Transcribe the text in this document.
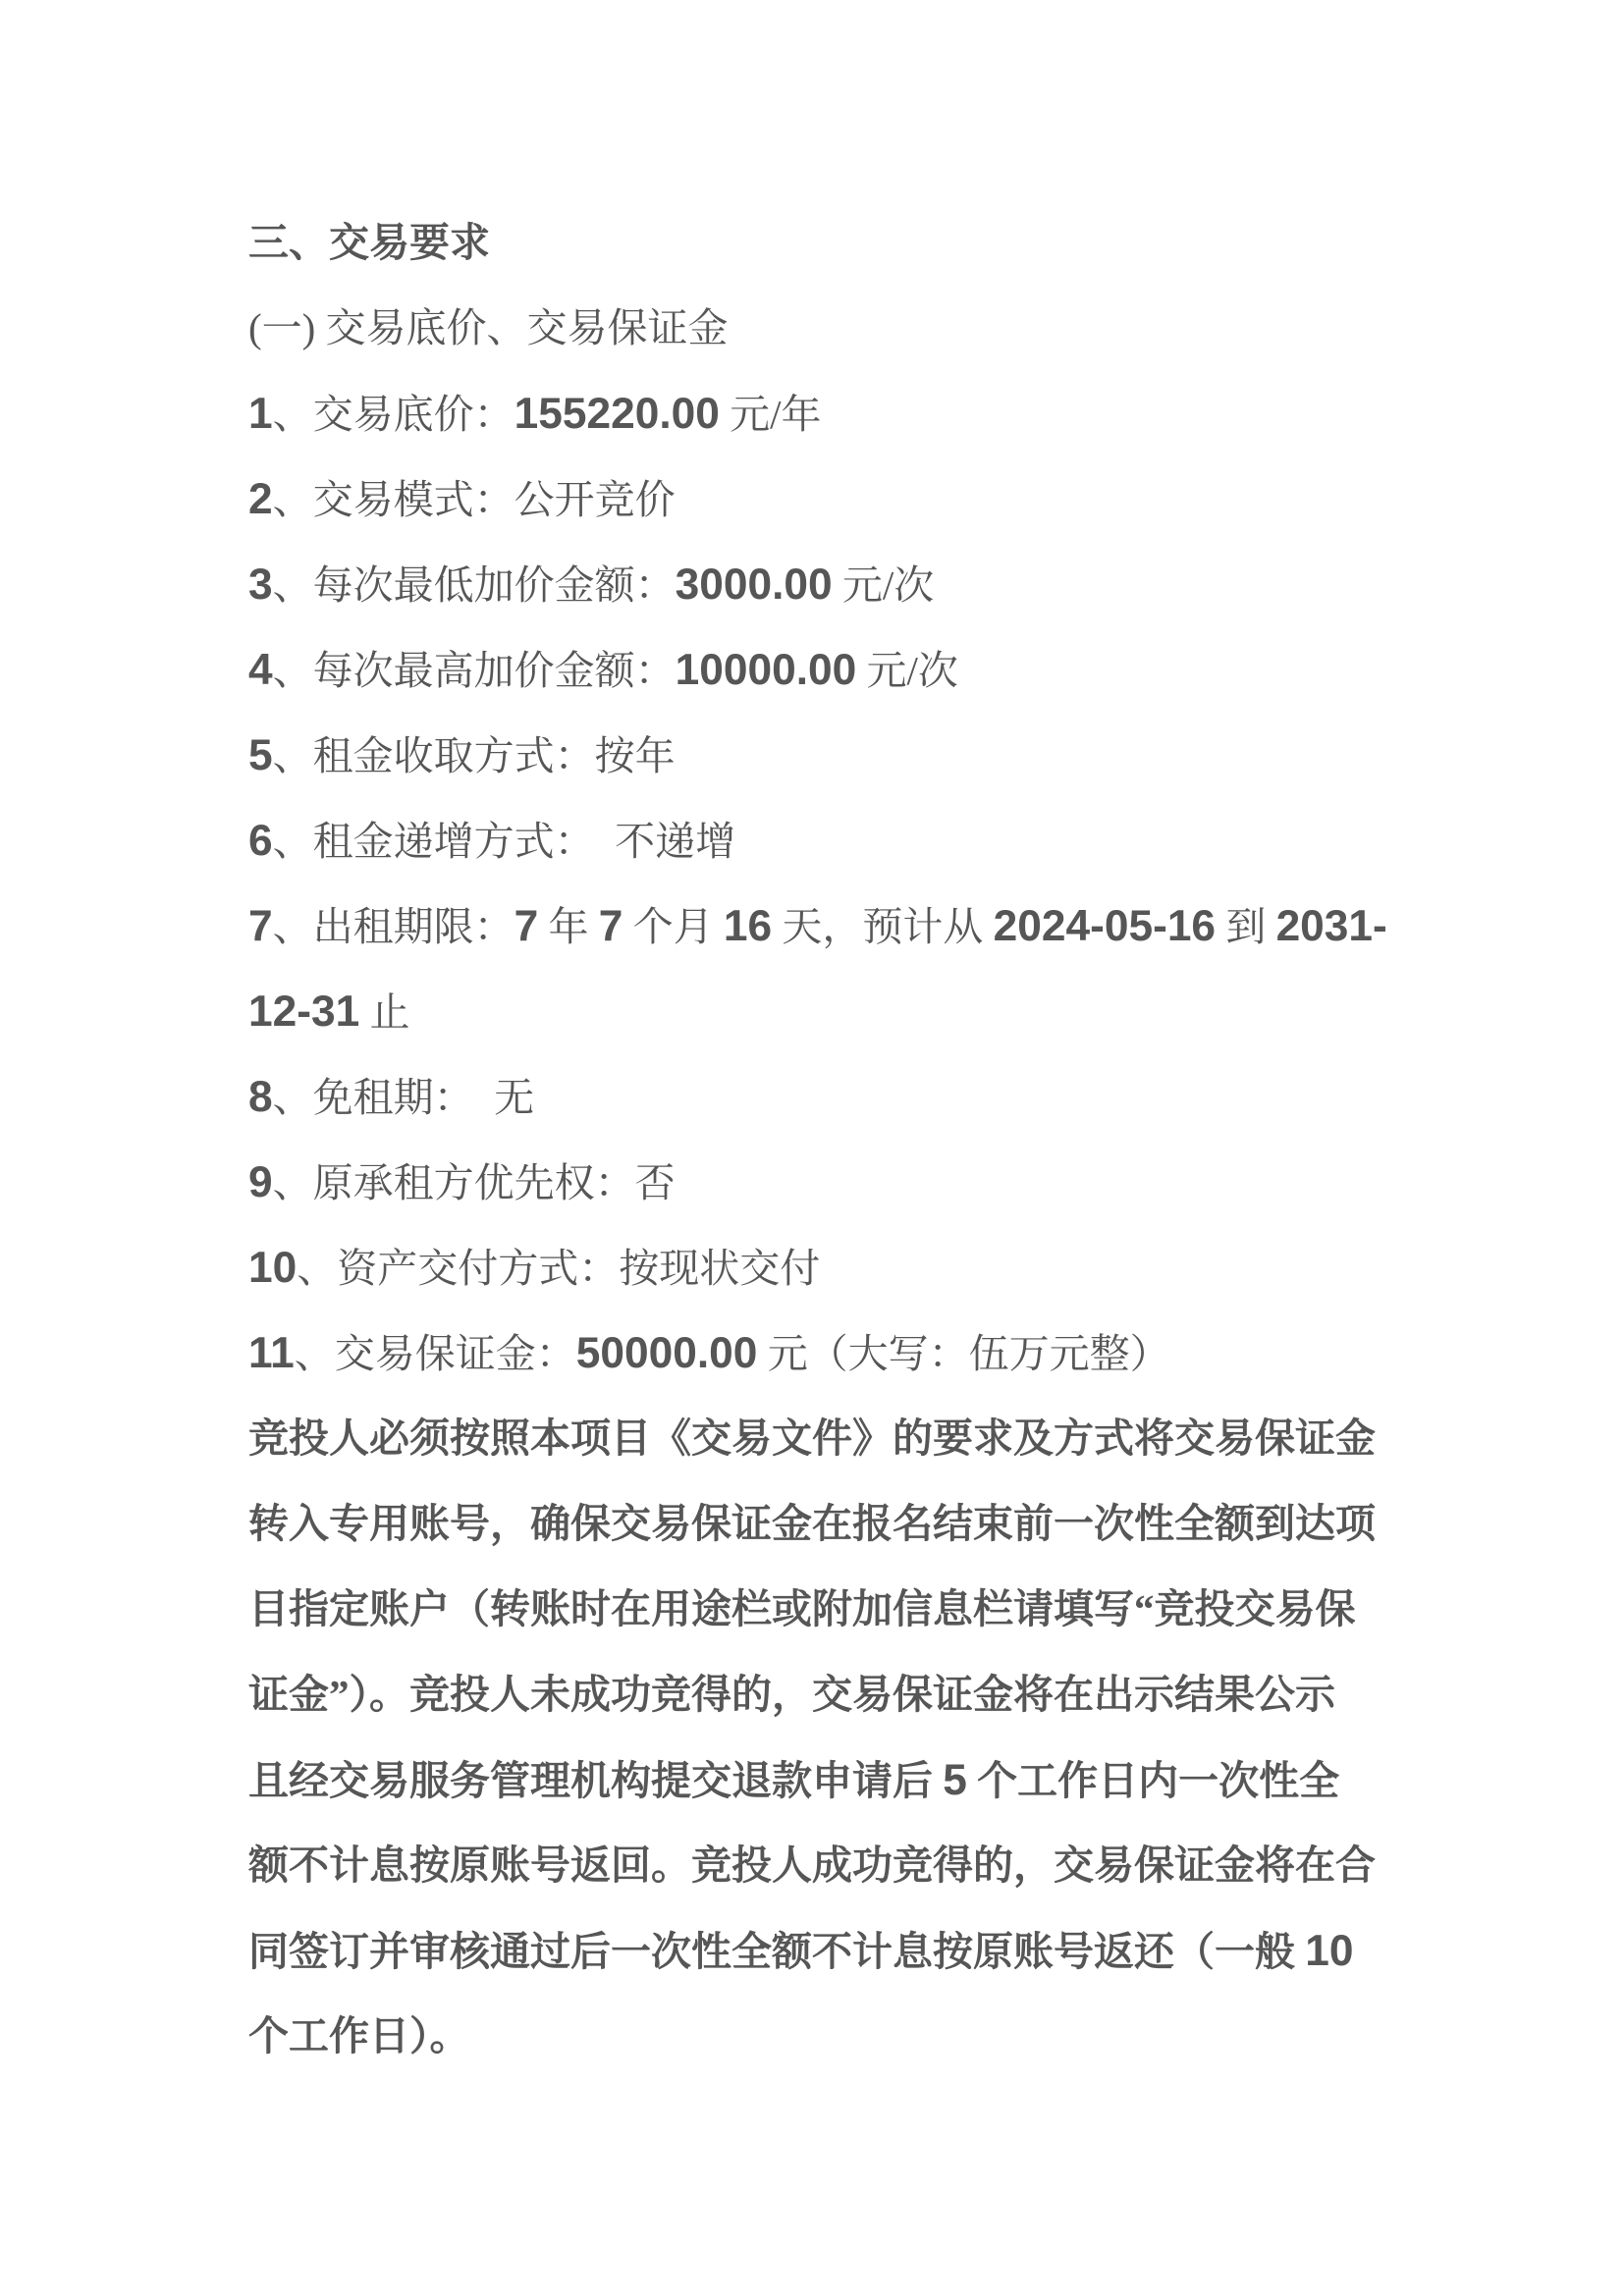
三、交易要求
(一) 交易底价、交易保证金
1、交易底价：155220.00 元/年
2、交易模式：公开竞价
3、每次最低加价金额：3000.00 元/次
4、每次最高加价金额：10000.00 元/次
5、租金收取方式：按年
6、租金递增方式：　不递增
7、出租期限：7 年 7 个月 16 天，预计从 2024-05-16 到 2031-
12-31 止
8、免租期：　无
9、原承租方优先权：否
10、资产交付方式：按现状交付
11、交易保证金：50000.00 元（大写：伍万元整）
竞投人必须按照本项目《交易文件》的要求及方式将交易保证金
转入专用账号，确保交易保证金在报名结束前一次性全额到达项
目指定账户（转账时在用途栏或附加信息栏请填写“竞投交易保
证金”）。竞投人未成功竞得的，交易保证金将在出示结果公示
且经交易服务管理机构提交退款申请后 5 个工作日内一次性全
额不计息按原账号返回。竞投人成功竞得的，交易保证金将在合
同签订并审核通过后一次性全额不计息按原账号返还（一般 10
个工作日）。
